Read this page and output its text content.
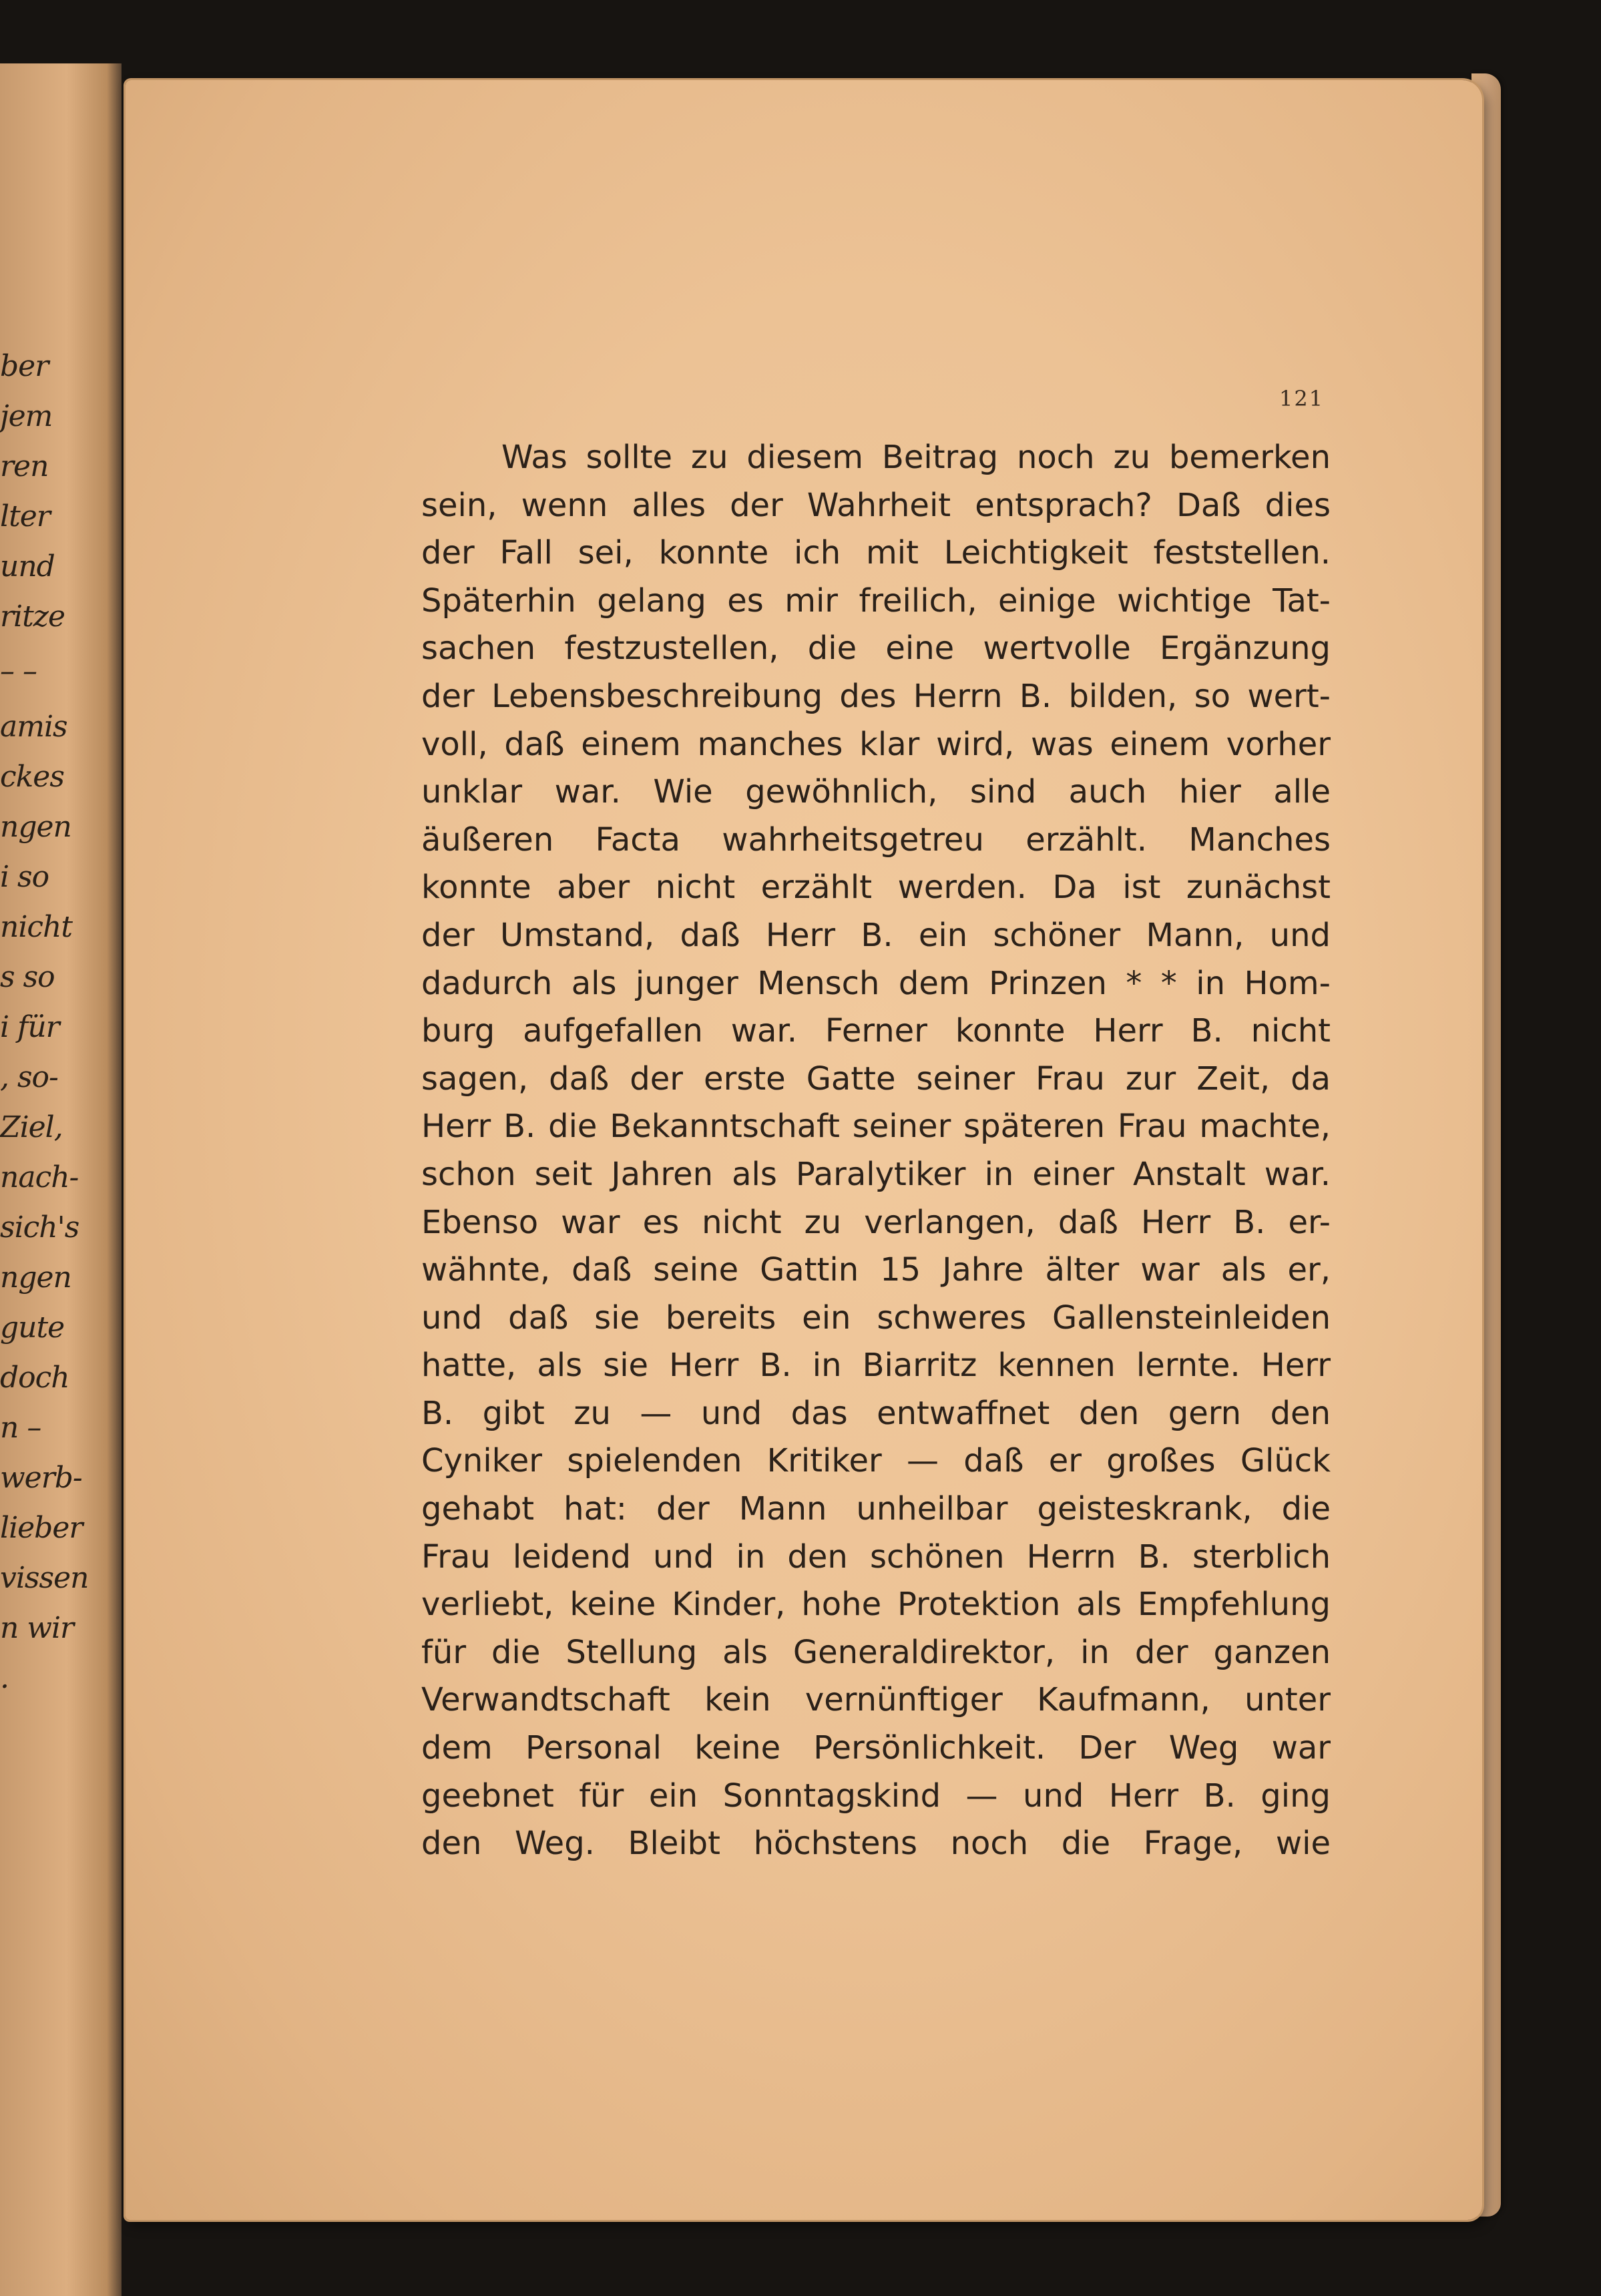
ber
jem
ren
lter
und
ritze
– –
amis
ckes
ngen
i so
nicht
s so
i für
, so-
Ziel,
nach-
sich's
ngen
gute
doch
n –
werb-
lieber
vissen
n wir
.
121
Was sollte zu diesem Beitrag noch zu bemerken
sein, wenn alles der Wahrheit entsprach? Daß dies
der Fall sei, konnte ich mit Leichtigkeit feststellen.
Späterhin gelang es mir freilich, einige wichtige Tat-
sachen festzustellen, die eine wertvolle Ergänzung
der Lebensbeschreibung des Herrn B. bilden, so wert-
voll, daß einem manches klar wird, was einem vorher
unklar war. Wie gewöhnlich, sind auch hier alle
äußeren Facta wahrheitsgetreu erzählt. Manches
konnte aber nicht erzählt werden. Da ist zunächst
der Umstand, daß Herr B. ein schöner Mann, und
dadurch als junger Mensch dem Prinzen * * in Hom-
burg aufgefallen war. Ferner konnte Herr B. nicht
sagen, daß der erste Gatte seiner Frau zur Zeit, da
Herr B. die Bekanntschaft seiner späteren Frau machte,
schon seit Jahren als Paralytiker in einer Anstalt war.
Ebenso war es nicht zu verlangen, daß Herr B. er-
wähnte, daß seine Gattin 15 Jahre älter war als er,
und daß sie bereits ein schweres Gallensteinleiden
hatte, als sie Herr B. in Biarritz kennen lernte. Herr
B. gibt zu — und das entwaffnet den gern den
Cyniker spielenden Kritiker — daß er großes Glück
gehabt hat: der Mann unheilbar geisteskrank, die
Frau leidend und in den schönen Herrn B. sterblich
verliebt, keine Kinder, hohe Protektion als Empfehlung
für die Stellung als Generaldirektor, in der ganzen
Verwandtschaft kein vernünftiger Kaufmann, unter
dem Personal keine Persönlichkeit. Der Weg war
geebnet für ein Sonntagskind — und Herr B. ging
den Weg. Bleibt höchstens noch die Frage, wie
